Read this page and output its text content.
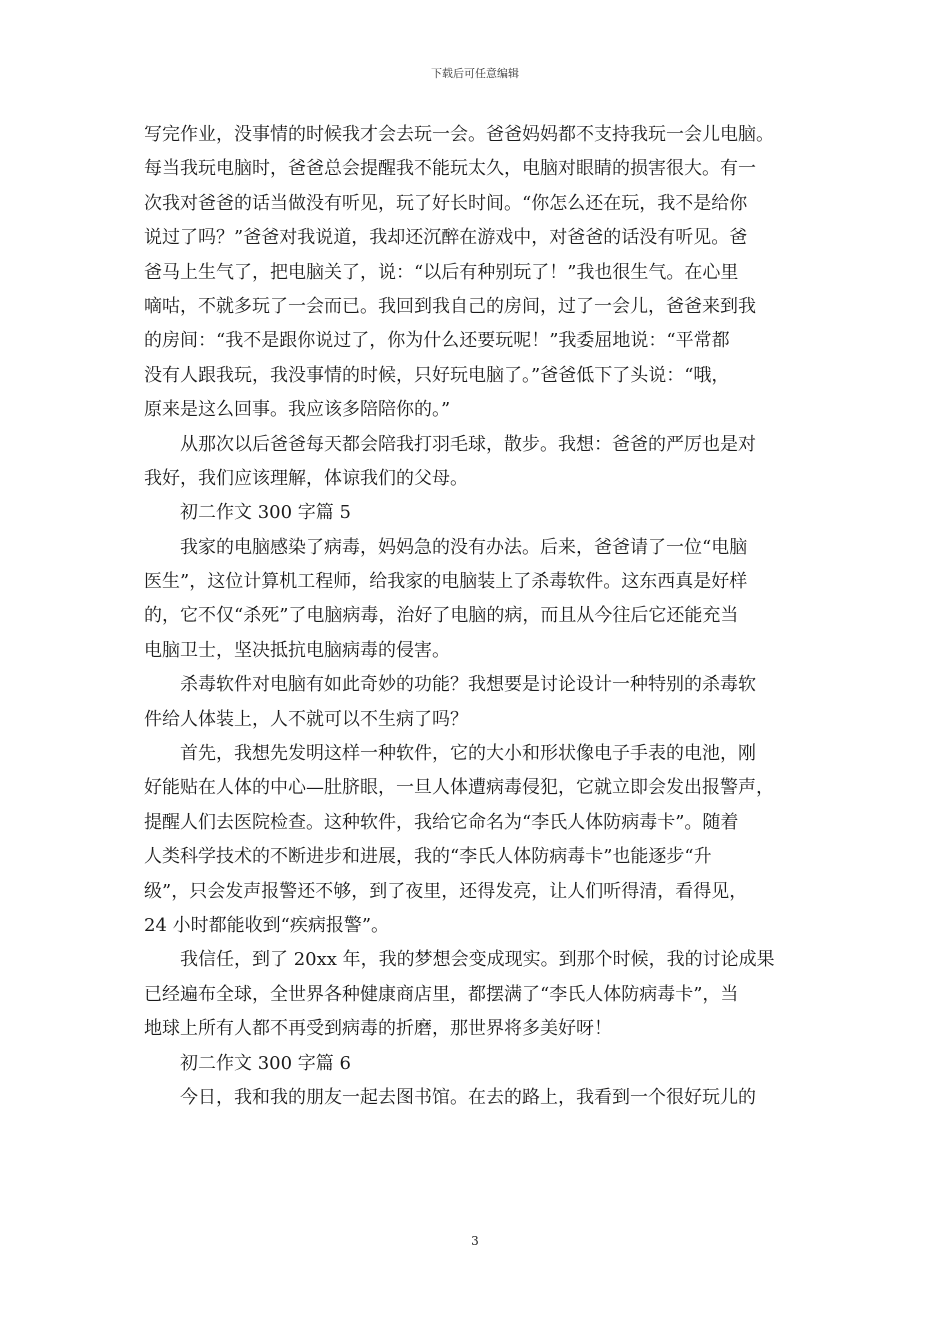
下载后可任意编辑
写完作业，没事情的时候我才会去玩一会。爸爸妈妈都不支持我玩一会儿电脑。
每当我玩电脑时，爸爸总会提醒我不能玩太久，电脑对眼睛的损害很大。有一
次我对爸爸的话当做没有听见，玩了好长时间。“你怎么还在玩，我不是给你
说过了吗？”爸爸对我说道，我却还沉醉在游戏中，对爸爸的话没有听见。爸
爸马上生气了，把电脑关了，说：“以后有种别玩了！”我也很生气。在心里
嘀咕，不就多玩了一会而已。我回到我自己的房间，过了一会儿，爸爸来到我
的房间：“我不是跟你说过了，你为什么还要玩呢！”我委屈地说：“平常都
没有人跟我玩，我没事情的时候，只好玩电脑了。”爸爸低下了头说：“哦，
原来是这么回事。我应该多陪陪你的。”
从那次以后爸爸每天都会陪我打羽毛球，散步。我想：爸爸的严厉也是对
我好，我们应该理解，体谅我们的父母。
初二作文 300 字篇 5
我家的电脑感染了病毒，妈妈急的没有办法。后来，爸爸请了一位“电脑
医生”，这位计算机工程师，给我家的电脑装上了杀毒软件。这东西真是好样
的，它不仅“杀死”了电脑病毒，治好了电脑的病，而且从今往后它还能充当
电脑卫士，坚决抵抗电脑病毒的侵害。
杀毒软件对电脑有如此奇妙的功能？我想要是讨论设计一种特别的杀毒软
件给人体装上，人不就可以不生病了吗？
首先，我想先发明这样一种软件，它的大小和形状像电子手表的电池，刚
好能贴在人体的中心—肚脐眼，一旦人体遭病毒侵犯，它就立即会发出报警声，
提醒人们去医院检查。这种软件，我给它命名为“李氏人体防病毒卡”。随着
人类科学技术的不断进步和进展，我的“李氏人体防病毒卡”也能逐步“升
级”，只会发声报警还不够，到了夜里，还得发亮，让人们听得清，看得见，
24 小时都能收到“疾病报警”。
我信任，到了 20xx 年，我的梦想会变成现实。到那个时候，我的讨论成果
已经遍布全球，全世界各种健康商店里，都摆满了“李氏人体防病毒卡”，当
地球上所有人都不再受到病毒的折磨，那世界将多美好呀！
初二作文 300 字篇 6
今日，我和我的朋友一起去图书馆。在去的路上，我看到一个很好玩儿的
3
